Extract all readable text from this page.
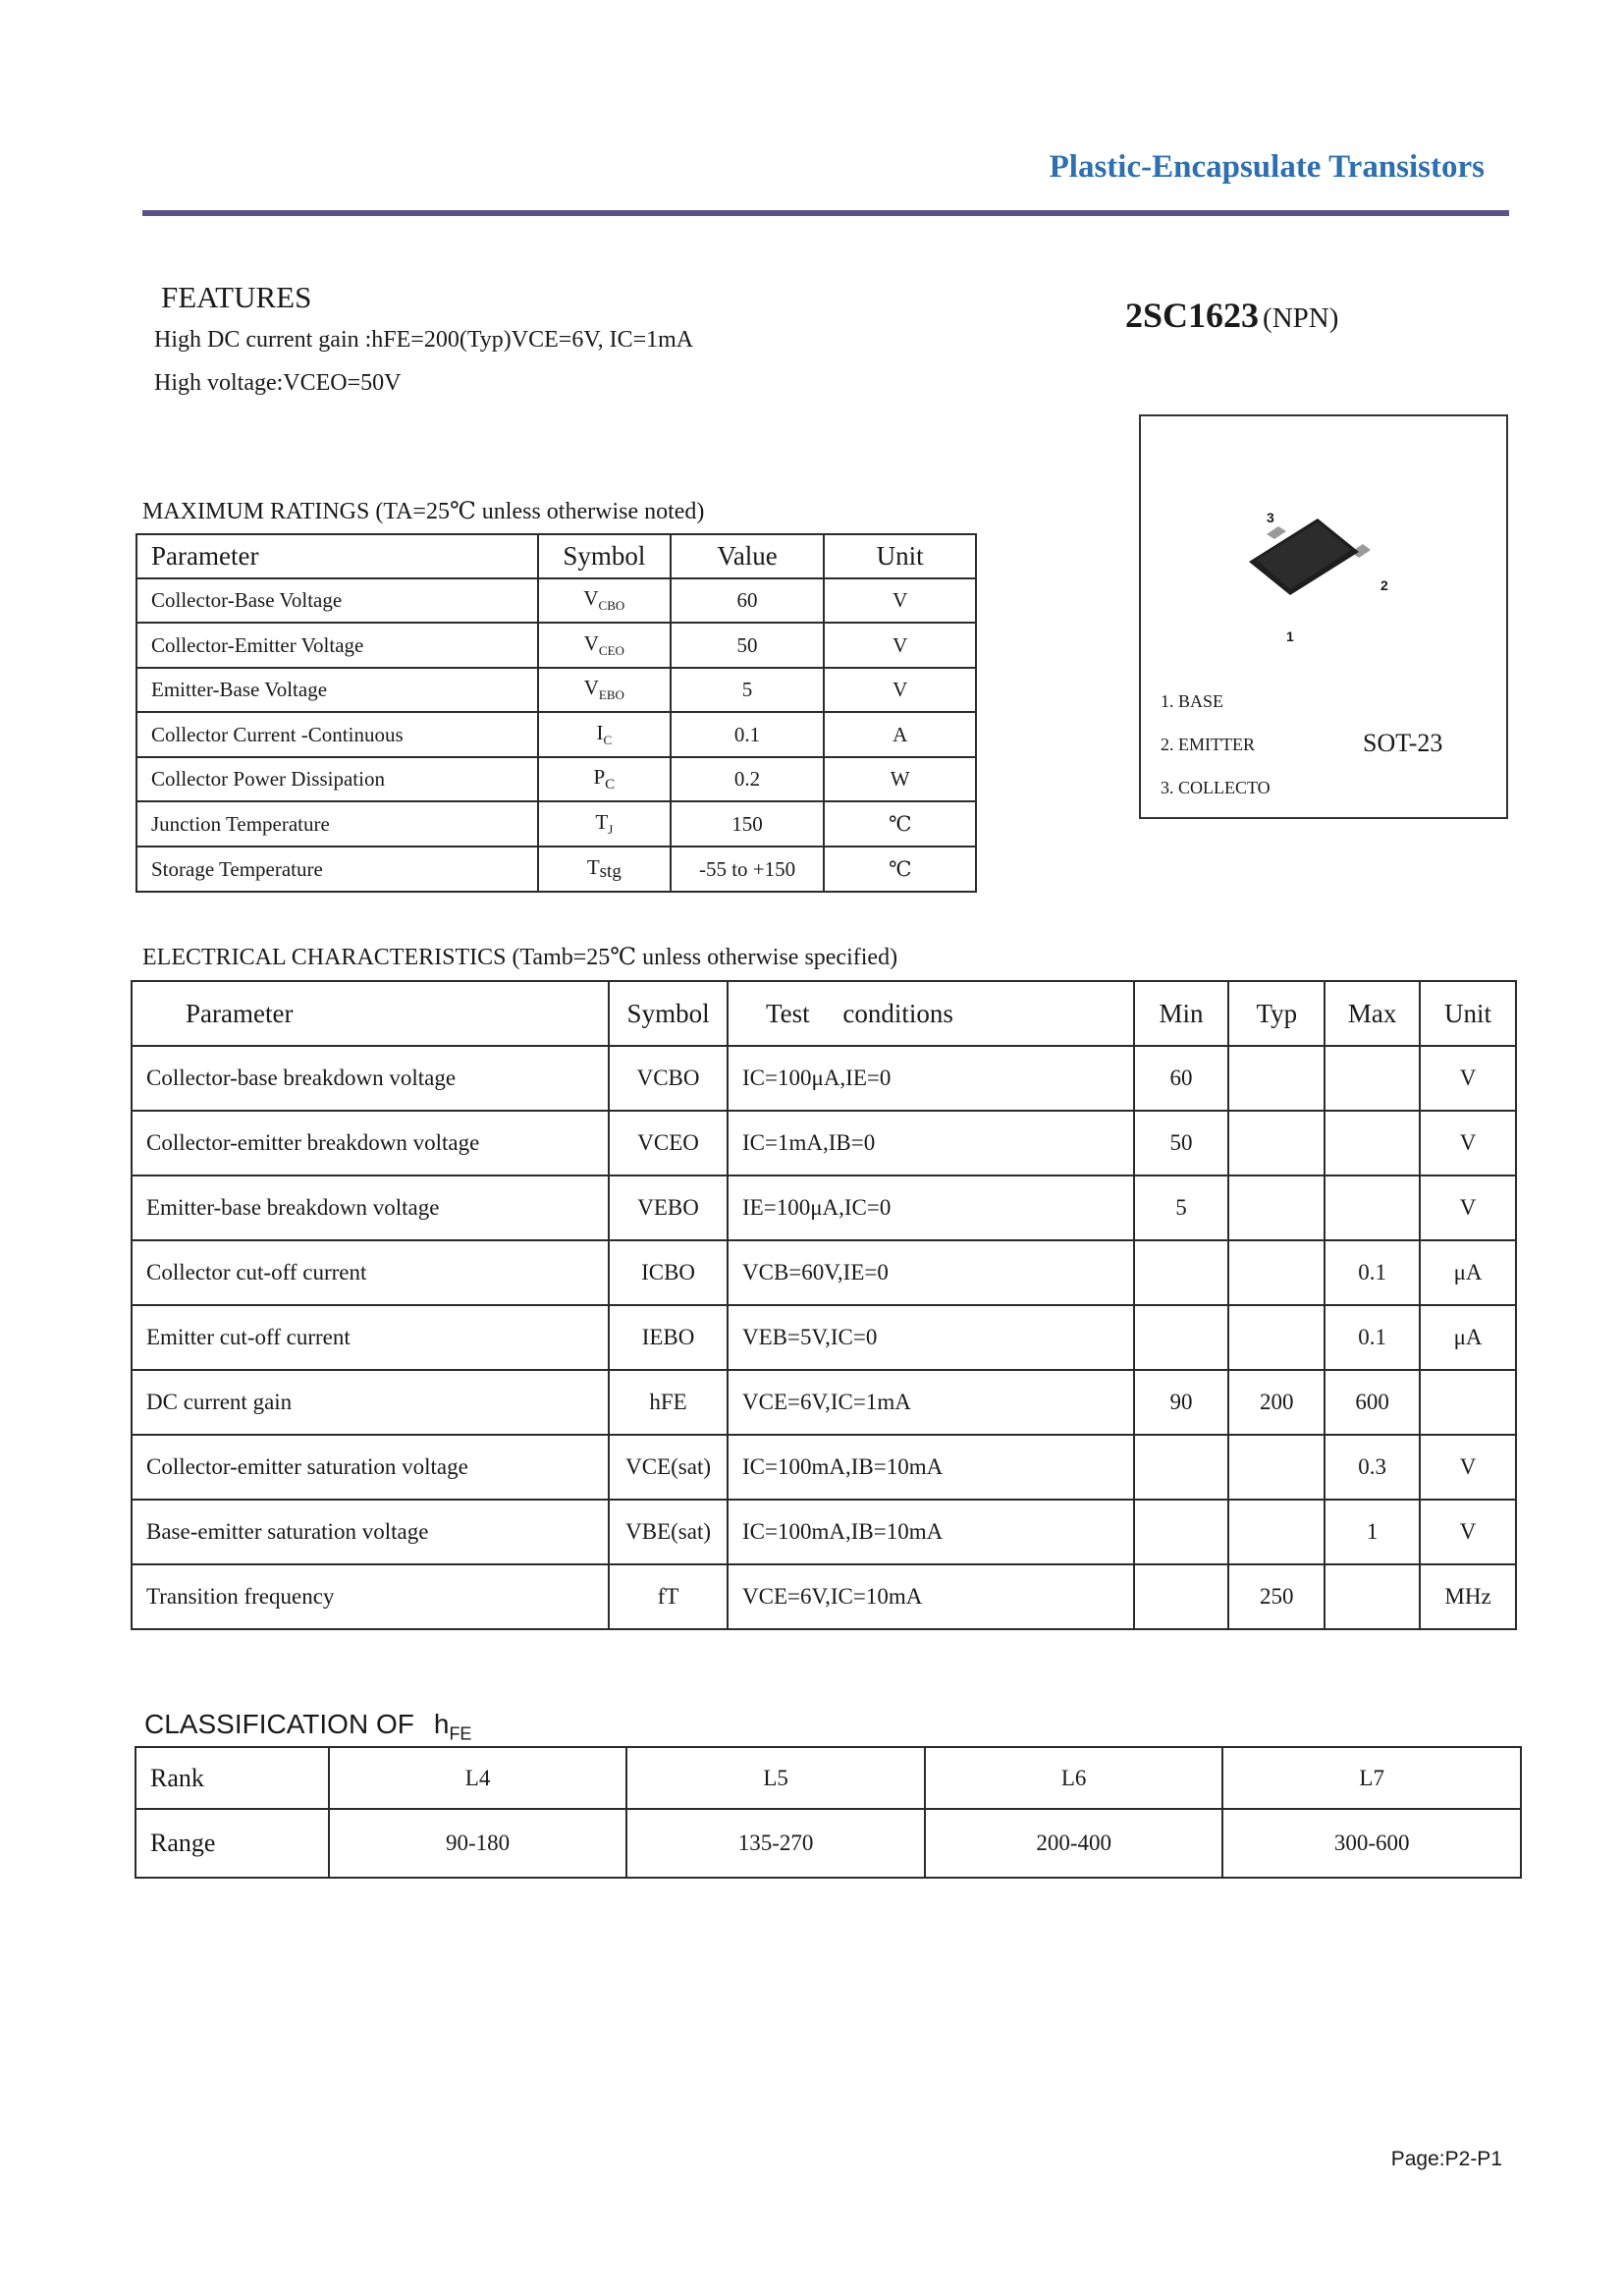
Plastic-Encapsulate Transistors
FEATURES
High DC current gain :hFE=200(Typ)VCE=6V, IC=1mA
High voltage:VCEO=50V
2SC1623 (NPN)
3
2
1
1. BASE
2. EMITTER
3. COLLECTO
SOT-23
MAXIMUM RATINGS (TA=25℃ unless otherwise noted)
Parameter	Symbol	Value	Unit
Collector-Base Voltage	$V_{CBO}$	60	V
Collector-Emitter Voltage	$V_{CEO}$	50	V
Emitter-Base Voltage	$V_{EBO}$	5	V
Collector Current -Continuous	$I_C$	0.1	A
Collector Power Dissipation	$P_C$	0.2	W
Junction Temperature	$T_J$	150	℃
Storage Temperature	$T_{stg}$	-55 to +150	℃
ELECTRICAL CHARACTERISTICS (Tamb=25℃ unless otherwise specified)
Parameter	Symbol	Test     conditions	Min	Typ	Max	Unit
Collector-base breakdown voltage	VCBO	IC=100μA,IE=0	60			V
Collector-emitter breakdown voltage	VCEO	IC=1mA,IB=0	50			V
Emitter-base breakdown voltage	VEBO	IE=100μA,IC=0	5			V
Collector cut-off current	ICBO	VCB=60V,IE=0			0.1	μA
Emitter cut-off current	IEBO	VEB=5V,IC=0			0.1	μA
DC current gain	hFE	VCE=6V,IC=1mA	90	200	600	
Collector-emitter saturation voltage	VCE(sat)	IC=100mA,IB=10mA			0.3	V
Base-emitter saturation voltage	VBE(sat)	IC=100mA,IB=10mA			1	V
Transition frequency	fT	VCE=6V,IC=10mA		250		MHz
CLASSIFICATION OF $h_{FE}$
Rank	L4	L5	L6	L7
Range	90-180	135-270	200-400	300-600
Page:P2-P1
